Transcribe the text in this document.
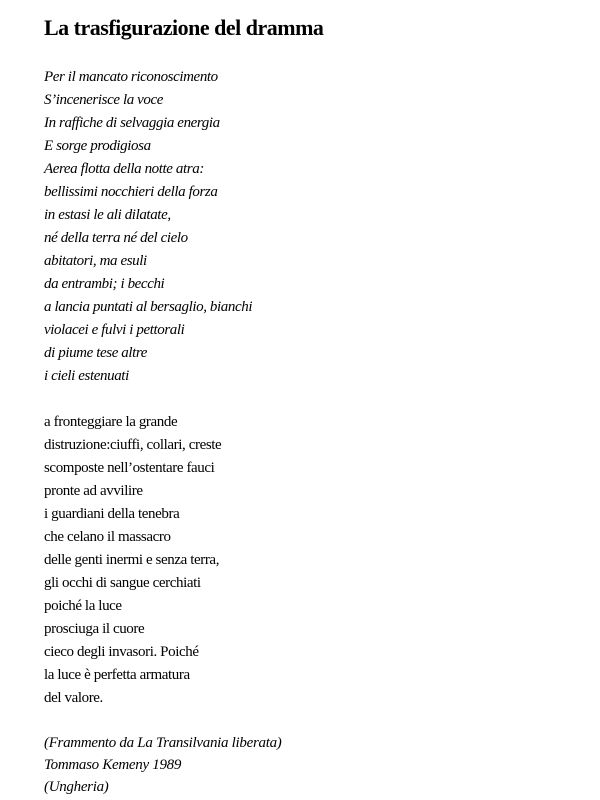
La trasfigurazione del dramma
Per il mancato riconoscimento
S’incenerisce la voce
In raffiche di selvaggia energia
E sorge prodigiosa
Aerea flotta della notte atra:
bellissimi nocchieri della forza
in estasi le ali dilatate,
né della terra né del cielo
abitatori, ma esuli
da entrambi; i becchi
a lancia puntati al bersaglio, bianchi
violacei e fulvi i pettorali
di piume tese altre
i cieli estenuati
a fronteggiare la grande
distruzione:ciuffi, collari, creste
scomposte nell’ostentare fauci
pronte ad avvilire
i guardiani della tenebra
che celano il massacro
delle genti inermi e senza terra,
gli occhi di sangue cerchiati
poiché la luce
prosciuga il cuore
cieco degli invasori. Poiché
la luce è perfetta armatura
del valore.
(Frammento da La Transilvania liberata)
Tommaso Kemeny 1989
(Ungheria)
